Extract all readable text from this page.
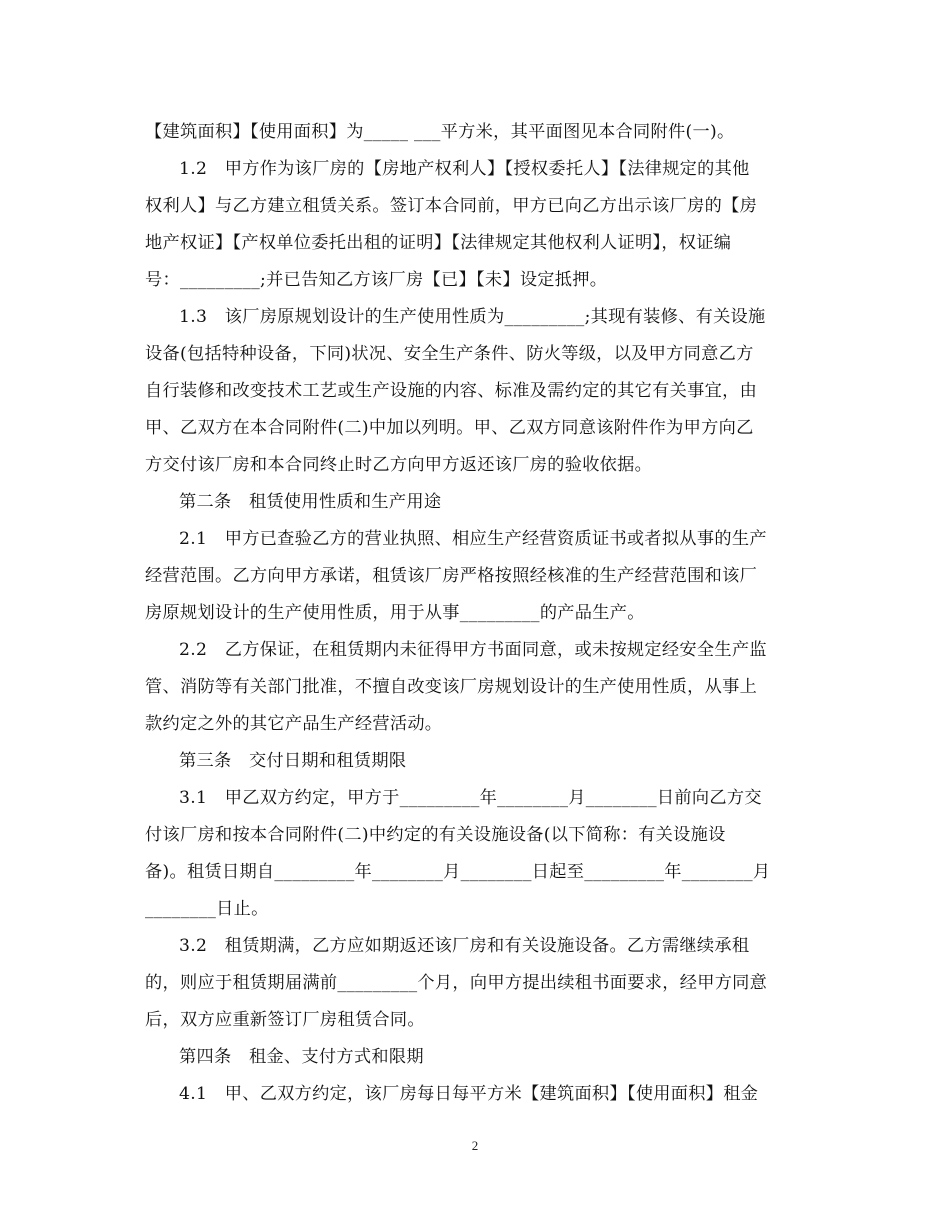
【建筑面积】【使用面积】为_____ ___平方米，其平面图见本合同附件(一)。
1.2　甲方作为该厂房的【房地产权利人】【授权委托人】【法律规定的其他
权利人】与乙方建立租赁关系。签订本合同前，甲方已向乙方出示该厂房的【房
地产权证】【产权单位委托出租的证明】【法律规定其他权利人证明】，权证编
号：_________;并已告知乙方该厂房【已】【未】设定抵押。
1.3　该厂房原规划设计的生产使用性质为_________;其现有装修、有关设施
设备(包括特种设备，下同)状况、安全生产条件、防火等级，以及甲方同意乙方
自行装修和改变技术工艺或生产设施的内容、标准及需约定的其它有关事宜，由
甲、乙双方在本合同附件(二)中加以列明。甲、乙双方同意该附件作为甲方向乙
方交付该厂房和本合同终止时乙方向甲方返还该厂房的验收依据。
第二条　租赁使用性质和生产用途
2.1　甲方已查验乙方的营业执照、相应生产经营资质证书或者拟从事的生产
经营范围。乙方向甲方承诺，租赁该厂房严格按照经核准的生产经营范围和该厂
房原规划设计的生产使用性质，用于从事_________的产品生产。
2.2　乙方保证，在租赁期内未征得甲方书面同意，或未按规定经安全生产监
管、消防等有关部门批准，不擅自改变该厂房规划设计的生产使用性质，从事上
款约定之外的其它产品生产经营活动。
第三条　交付日期和租赁期限
3.1　甲乙双方约定，甲方于_________年________月________日前向乙方交
付该厂房和按本合同附件(二)中约定的有关设施设备(以下简称：有关设施设
备)。租赁日期自_________年________月________日起至_________年________月
________日止。
3.2　租赁期满，乙方应如期返还该厂房和有关设施设备。乙方需继续承租
的，则应于租赁期届满前_________个月，向甲方提出续租书面要求，经甲方同意
后，双方应重新签订厂房租赁合同。
第四条　租金、支付方式和限期
4.1　甲、乙双方约定，该厂房每日每平方米【建筑面积】【使用面积】租金
2
